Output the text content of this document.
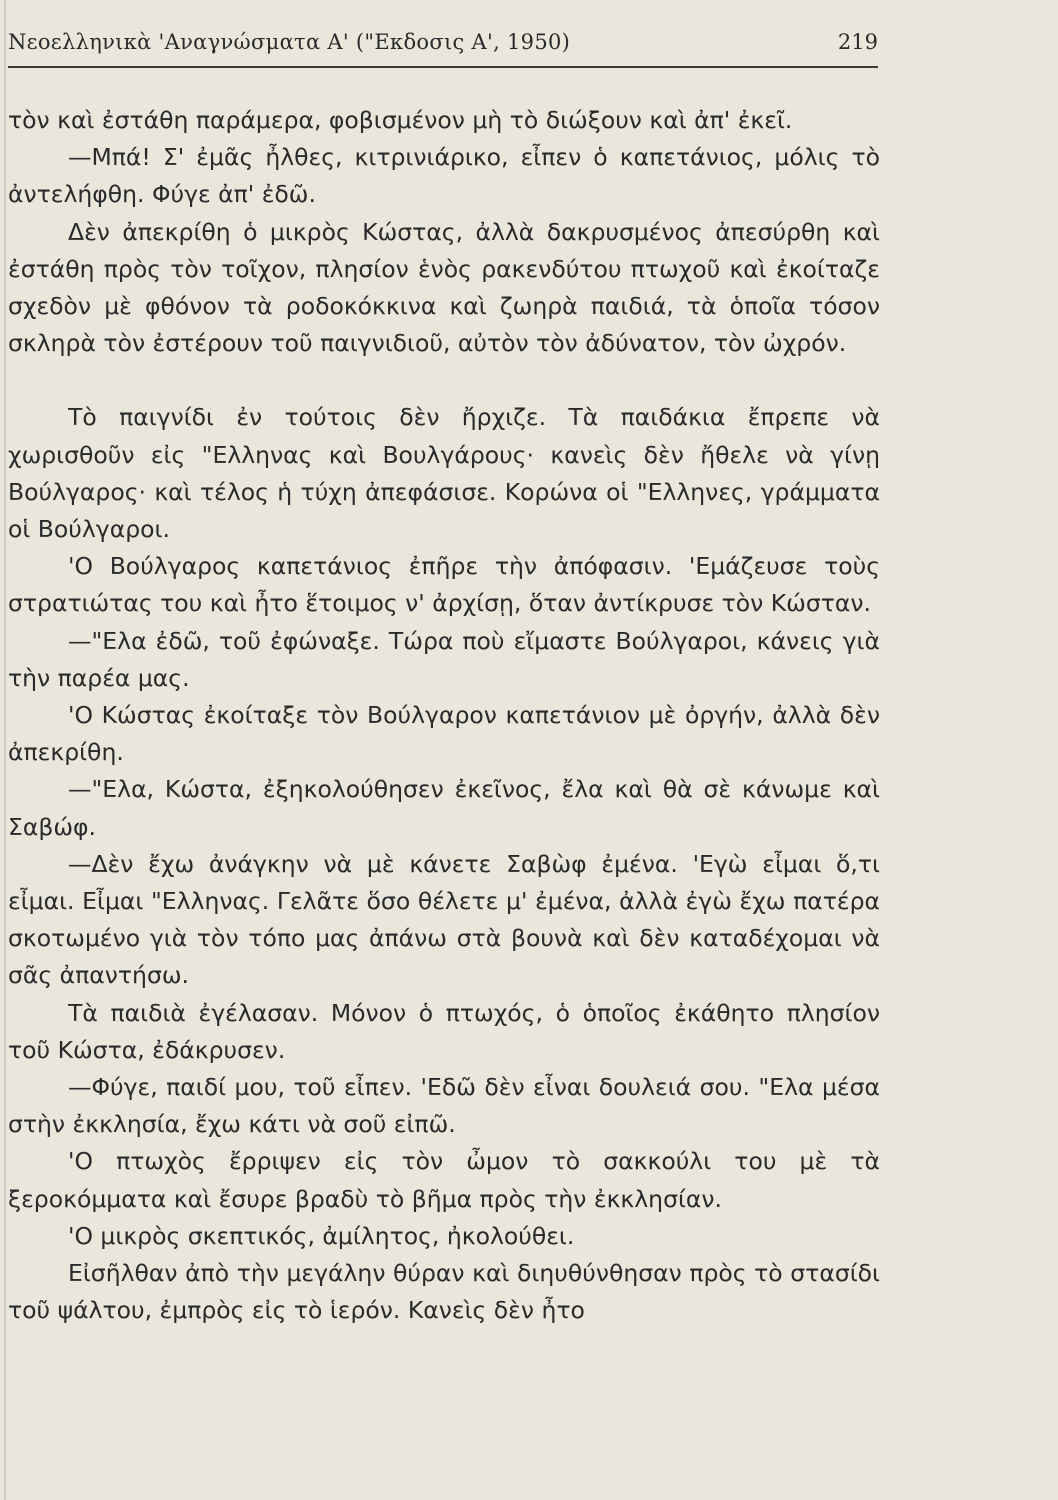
Νεοελληνικὰ 'Αναγνώσματα Α' ("Εκδοσις Α', 1950)	219

τὸν καὶ ἐστάθη παράμερα, φοβισμένον μὴ τὸ διώξουν καὶ ἀπ' ἐκεῖ.

—Μπά! Σ' ἐμᾶς ἦλθες, κιτρινιάρικο, εἶπεν ὁ καπετάνιος, μόλις τὸ ἀντελήφθη. Φύγε ἀπ' ἐδῶ.

Δὲν ἀπεκρίθη ὁ μικρὸς Κώστας, ἀλλὰ δακρυσμένος ἀπεσύρθη καὶ ἐστάθη πρὸς τὸν τοῖχον, πλησίον ἑνὸς ρακενδύτου πτωχοῦ καὶ ἐκοίταζε σχεδὸν μὲ φθόνον τὰ ροδοκόκκινα καὶ ζωηρὰ παιδιά, τὰ ὁποῖα τόσον σκληρὰ τὸν ἐστέρουν τοῦ παιγνιδιοῦ, αὐτὸν τὸν ἀδύνατον, τὸν ὠχρόν.

Τὸ παιγνίδι ἐν τούτοις δὲν ἤρχιζε. Τὰ παιδάκια ἔπρεπε νὰ χωρισθοῦν εἰς "Ελληνας καὶ Βουλγάρους· κανεὶς δὲν ἤθελε νὰ γίνῃ Βούλγαρος· καὶ τέλος ἡ τύχη ἀπεφάσισε. Κορώνα οἱ "Ελληνες, γράμματα οἱ Βούλγαροι.

'Ο Βούλγαρος καπετάνιος ἐπῆρε τὴν ἀπόφασιν. 'Εμάζευσε τοὺς στρατιώτας του καὶ ἦτο ἕτοιμος ν' ἀρχίσῃ, ὅταν ἀντίκρυσε τὸν Κώσταν.

—"Ελα ἐδῶ, τοῦ ἐφώναξε. Τώρα ποὺ εἴμαστε Βούλγαροι, κάνεις γιὰ τὴν παρέα μας.

'Ο Κώστας ἐκοίταξε τὸν Βούλγαρον καπετάνιον μὲ ὀργήν, ἀλλὰ δὲν ἀπεκρίθη.

—"Ελα, Κώστα, ἐξηκολούθησεν ἐκεῖνος, ἔλα καὶ θὰ σὲ κάνωμε καὶ Σαβώφ.

—Δὲν ἔχω ἀνάγκην νὰ μὲ κάνετε Σαβὼφ ἐμένα. 'Εγὼ εἶμαι ὅ,τι εἶμαι. Εἶμαι "Ελληνας. Γελᾶτε ὅσο θέλετε μ' ἐμένα, ἀλλὰ ἐγὼ ἔχω πατέρα σκοτωμένο γιὰ τὸν τόπο μας ἀπάνω στὰ βουνὰ καὶ δὲν καταδέχομαι νὰ σᾶς ἀπαντήσω.

Τὰ παιδιὰ ἐγέλασαν. Μόνον ὁ πτωχός, ὁ ὁποῖος ἐκάθητο πλησίον τοῦ Κώστα, ἐδάκρυσεν.

—Φύγε, παιδί μου, τοῦ εἶπεν. 'Εδῶ δὲν εἶναι δουλειά σου. "Ελα μέσα στὴν ἐκκλησία, ἔχω κάτι νὰ σοῦ εἰπῶ.

'Ο πτωχὸς ἔρριψεν εἰς τὸν ὦμον τὸ σακκούλι του μὲ τὰ ξεροκόμματα καὶ ἔσυρε βραδὺ τὸ βῆμα πρὸς τὴν ἐκκλησίαν.

'Ο μικρὸς σκεπτικός, ἀμίλητος, ἠκολούθει.

Εἰσῆλθαν ἀπὸ τὴν μεγάλην θύραν καὶ διηυθύνθησαν πρὸς τὸ στασίδι τοῦ ψάλτου, ἐμπρὸς εἰς τὸ ἱερόν. Κανεὶς δὲν ἦτο
